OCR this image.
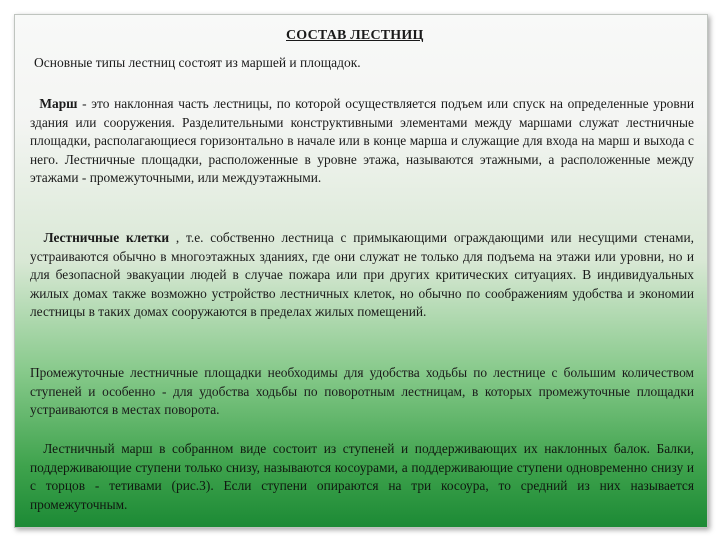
СОСТАВ ЛЕСТНИЦ
Основные типы лестниц состоят из маршей и площадок.
Марш - это наклонная часть лестницы, по которой осуществляется подъем или спуск на определенные уровни здания или сооружения. Разделительными конструктивными элементами между маршами служат лестничные площадки, располагающиеся горизонтально в начале или в конце марша и служащие для входа на марш и выхода с него. Лестничные площадки, расположенные в уровне этажа, называются этажными, а расположенные между этажами - промежуточными, или междуэтажными.
Лестничные клетки , т.е. собственно лестница с примыкающими ограждающими или несущими стенами, устраиваются обычно в многоэтажных зданиях, где они служат не только для подъема на этажи или уровни, но и для безопасной эвакуации людей в случае пожара или при других критических ситуациях. В индивидуальных жилых домах также возможно устройство лестничных клеток, но обычно по соображениям удобства и экономии лестницы в таких домах сооружаются в пределах жилых помещений.
Промежуточные лестничные площадки необходимы для удобства ходьбы по лестнице с большим количеством ступеней и особенно - для удобства ходьбы по поворотным лестницам, в которых промежуточные площадки устраиваются в местах поворота.
Лестничный марш в собранном виде состоит из ступеней и поддерживающих их наклонных балок. Балки, поддерживающие ступени только снизу, называются косоурами, а поддерживающие ступени одновременно снизу и с торцов - тетивами (рис.3). Если ступени опираются на три косоура, то средний из них называется промежуточным.
